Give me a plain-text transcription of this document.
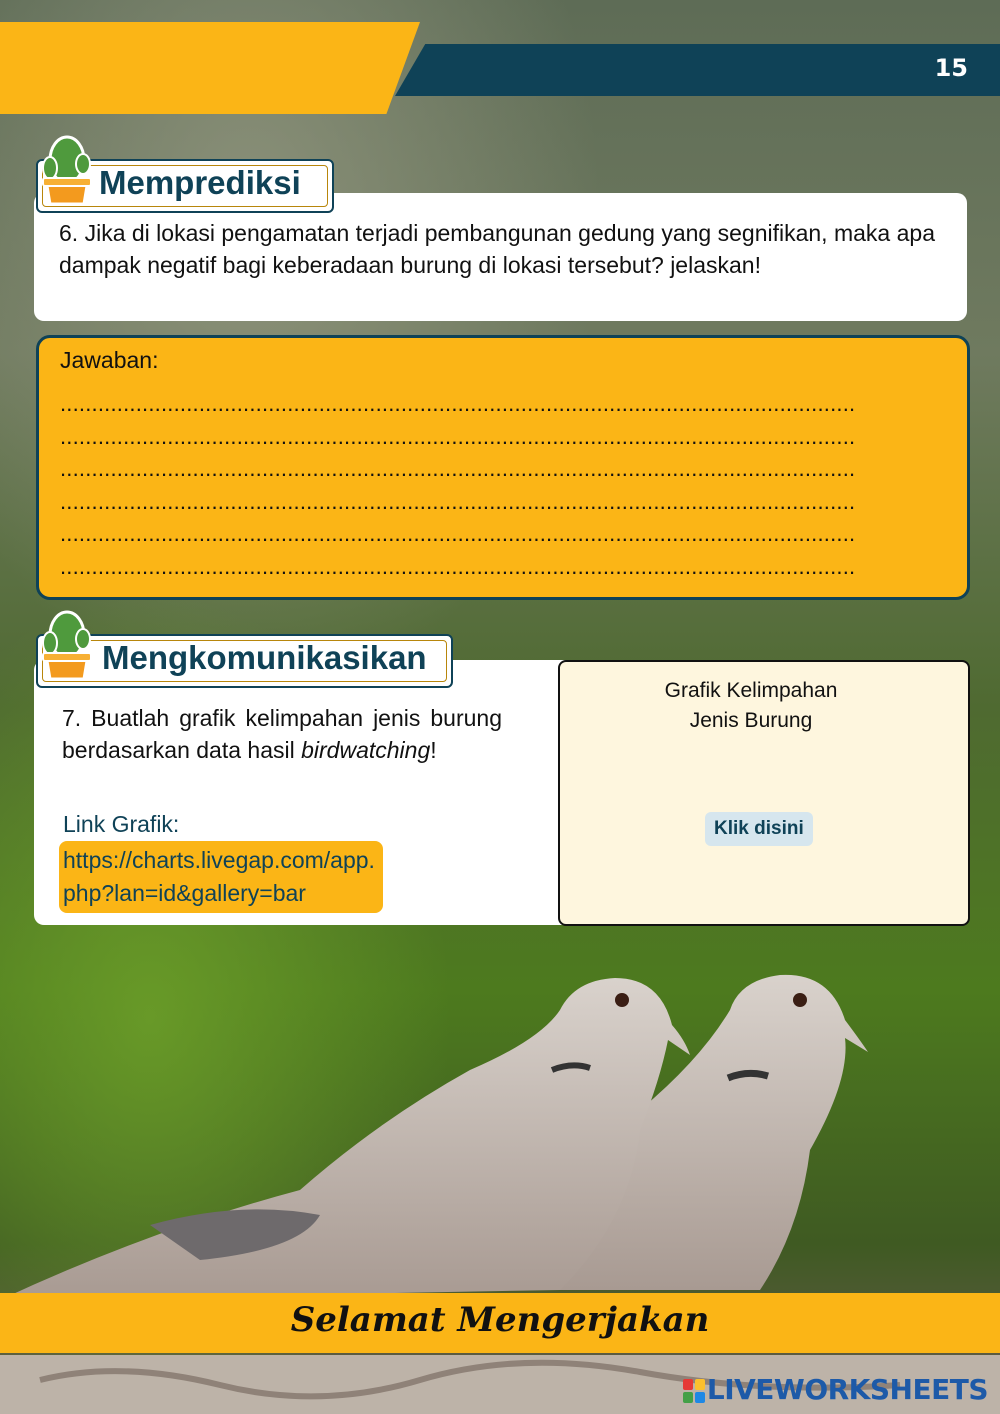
15
6. Jika di lokasi pengamatan terjadi pembangunan gedung yang segnifikan, maka apa dampak negatif bagi keberadaan burung di lokasi tersebut? jelaskan!
Memprediksi
Jawaban:
..............................................................................................................................
..............................................................................................................................
..............................................................................................................................
..............................................................................................................................
..............................................................................................................................
..............................................................................................................................
Mengkomunikasikan
7. Buatlah grafik kelimpahan jenis burung berdasarkan data hasil birdwatching!
Link Grafik:
https://charts.livegap.com/app.php?lan=id&gallery=bar
Grafik Kelimpahan
Jenis Burung
Klik disini
Selamat Mengerjakan
LIVEWORKSHEETS
